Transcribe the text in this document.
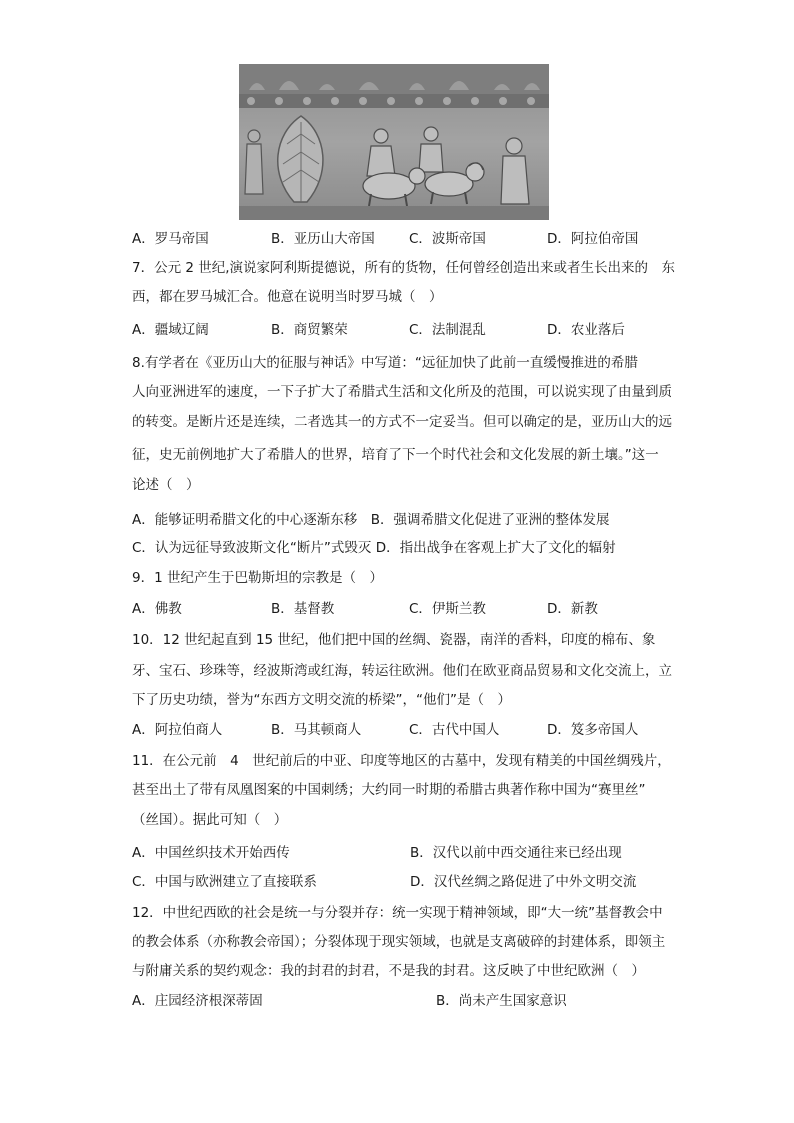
A．罗马帝国	B．亚历山大帝国	C．波斯帝国	D．阿拉伯帝国
7．公元 2 世纪,演说家阿利斯提德说，所有的货物，任何曾经创造出来或者生长出来的　东
西，都在罗马城汇合。他意在说明当时罗马城（　）
A．疆域辽阔	B．商贸繁荣	C．法制混乱	D．农业落后
8.有学者在《亚历山大的征服与神话》中写道：“远征加快了此前一直缓慢推进的希腊
人向亚洲进军的速度，一下子扩大了希腊式生活和文化所及的范围，可以说实现了由量到质
的转变。是断片还是连续，二者选其一的方式不一定妥当。但可以确定的是，亚历山大的远
征，史无前例地扩大了希腊人的世界，培育了下一个时代社会和文化发展的新土壤。”这一
论述（　）
A．能够证明希腊文化的中心逐渐东移　B．强调希腊文化促进了亚洲的整体发展
C．认为远征导致波斯文化“断片”式毁灭 D．指出战争在客观上扩大了文化的辐射
9．1 世纪产生于巴勒斯坦的宗教是（　）
A．佛教	B．基督教	C．伊斯兰教	D．新教
10．12 世纪起直到 15 世纪，他们把中国的丝绸、瓷器，南洋的香料，印度的棉布、象
牙、宝石、珍珠等，经波斯湾或红海，转运往欧洲。他们在欧亚商品贸易和文化交流上，立
下了历史功绩，誉为“东西方文明交流的桥梁”，“他们”是（　）
A．阿拉伯商人	B．马其顿商人	C．古代中国人	D．笈多帝国人
11．在公元前　4　世纪前后的中亚、印度等地区的古墓中，发现有精美的中国丝绸残片，
甚至出土了带有凤凰图案的中国刺绣；大约同一时期的希腊古典著作称中国为“赛里丝”
（丝国）。据此可知（　）
A．中国丝织技术开始西传	B．汉代以前中西交通往来已经出现
C．中国与欧洲建立了直接联系	D．汉代丝绸之路促进了中外文明交流
12．中世纪西欧的社会是统一与分裂并存：统一实现于精神领域，即“大一统”基督教会中
的教会体系（亦称教会帝国）；分裂体现于现实领域，也就是支离破碎的封建体系，即领主
与附庸关系的契约观念：我的封君的封君，不是我的封君。这反映了中世纪欧洲（　）
A．庄园经济根深蒂固	B．尚未产生国家意识
